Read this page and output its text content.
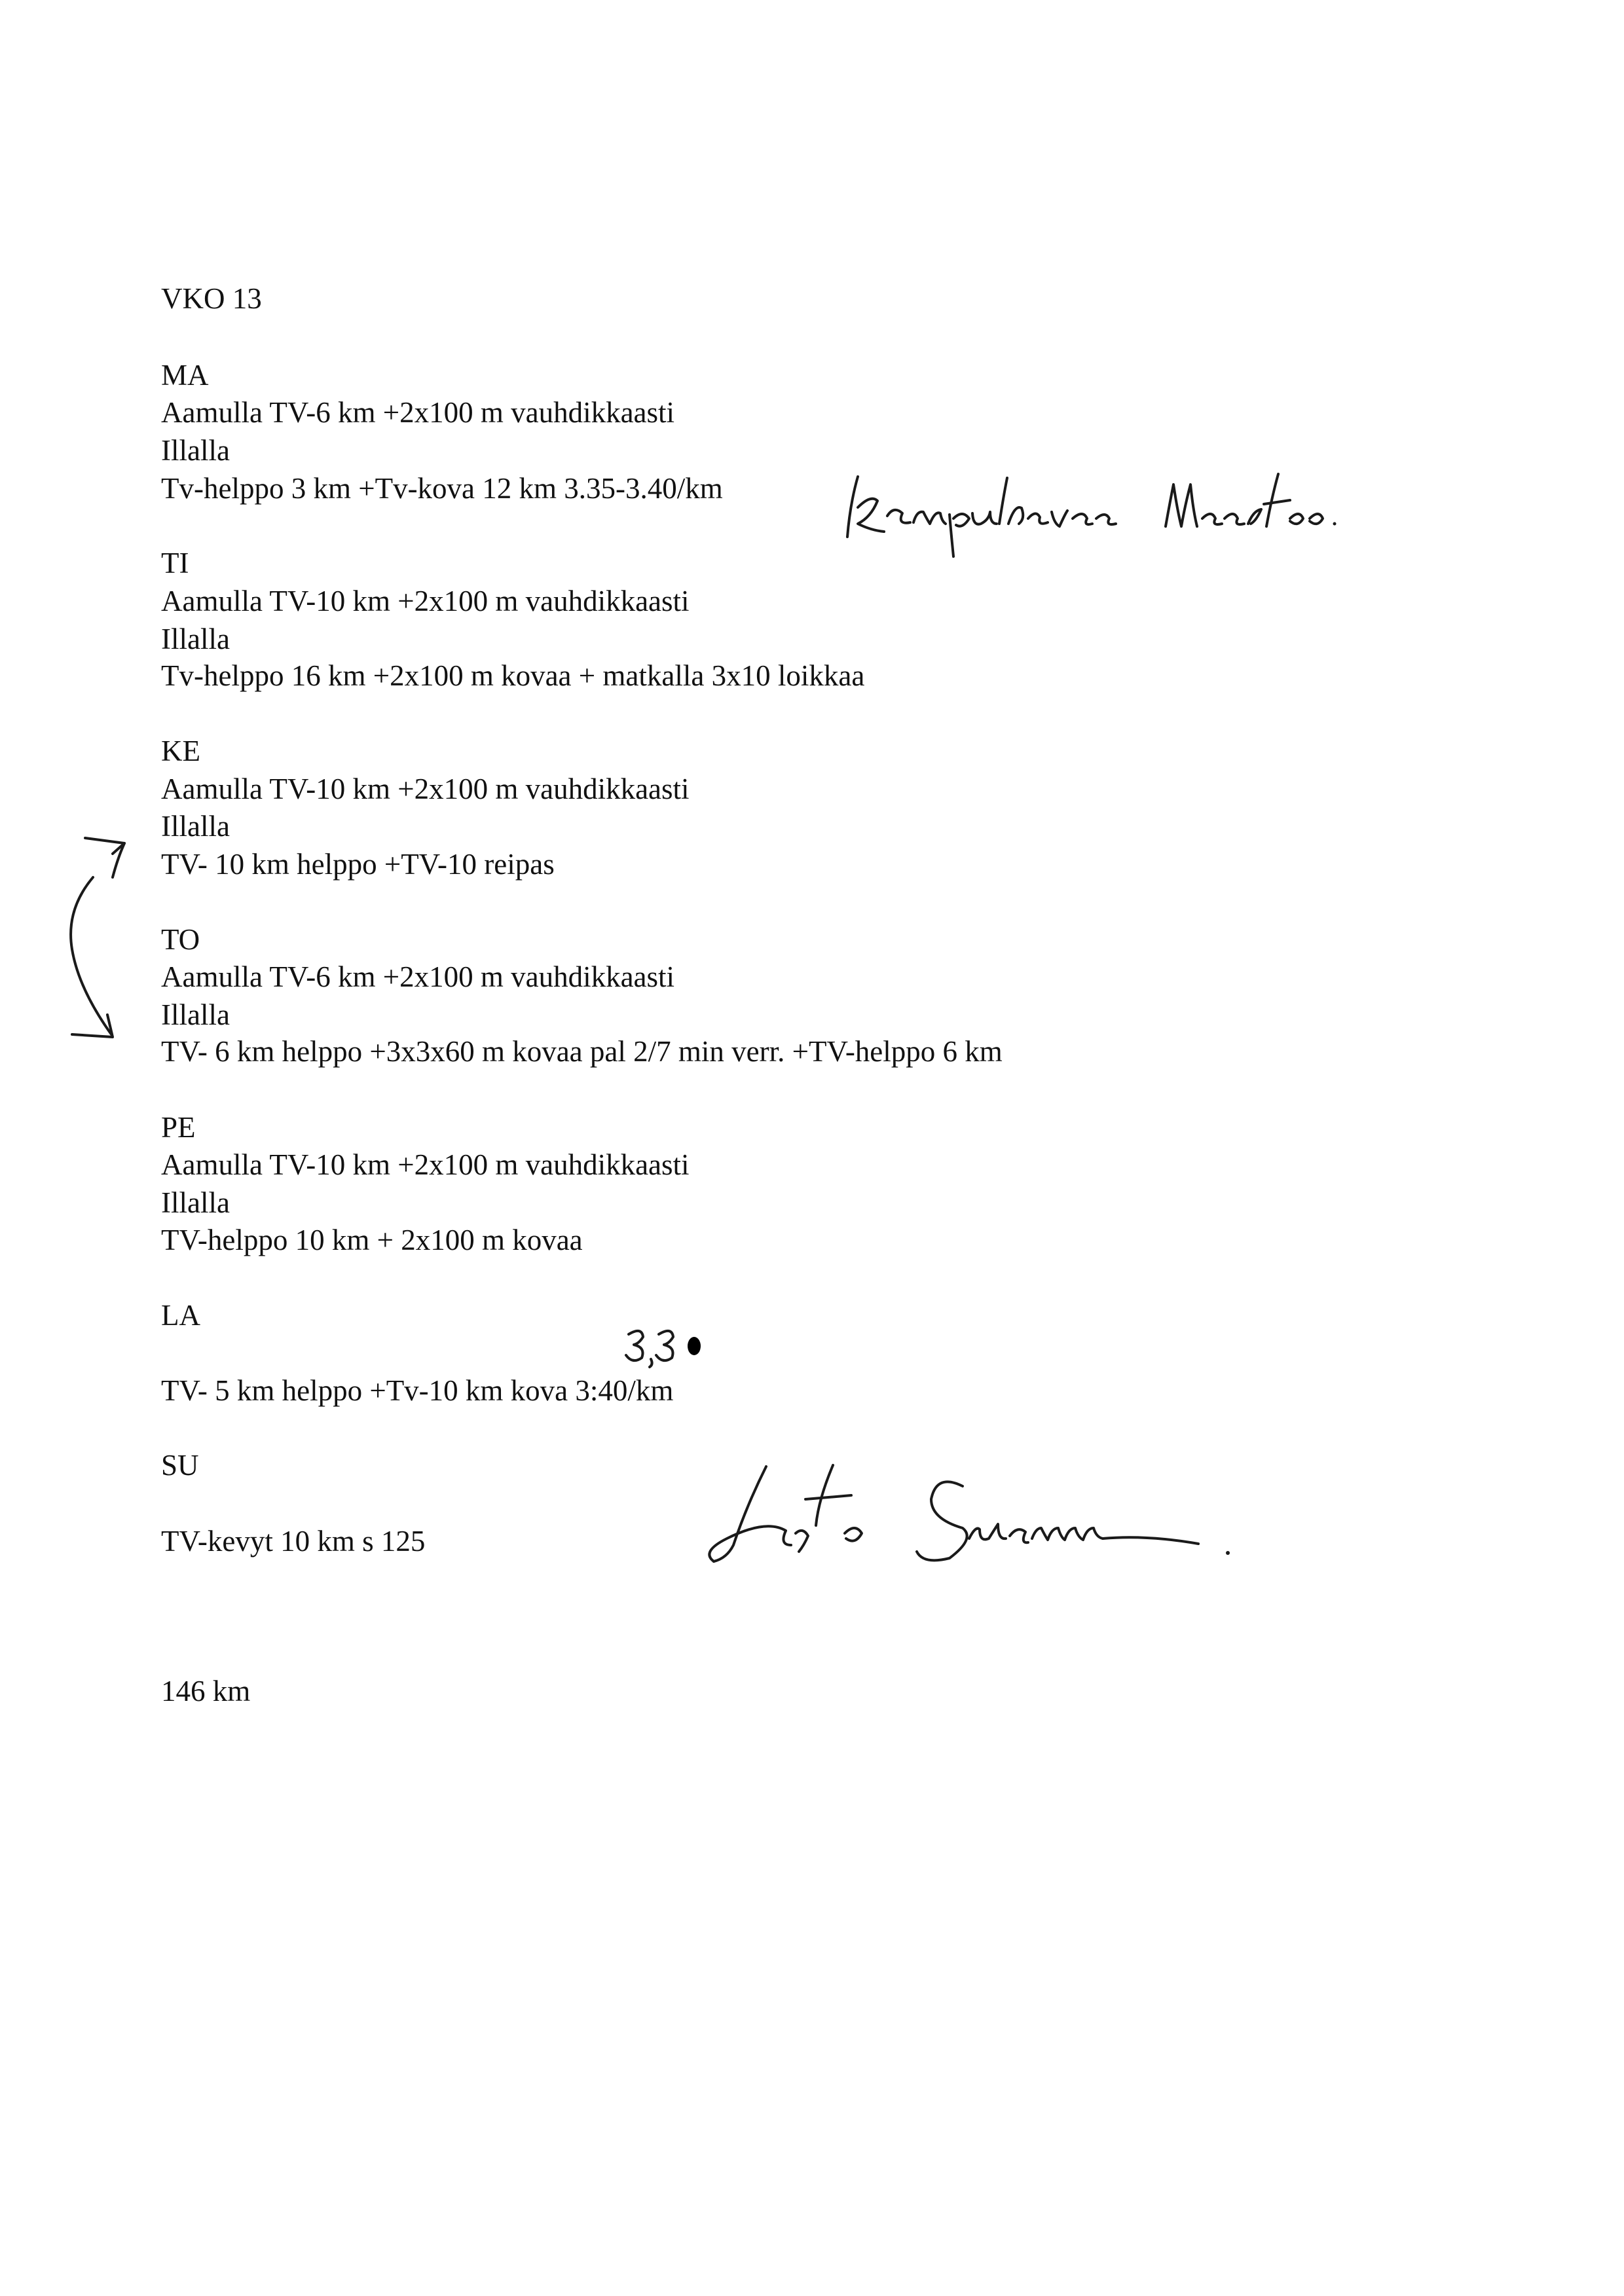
VKO 13
MA
Aamulla TV-6 km +2x100 m vauhdikkaasti
Illalla
Tv-helppo 3 km +Tv-kova 12 km 3.35-3.40/km
TI
Aamulla TV-10 km +2x100 m vauhdikkaasti
Illalla
Tv-helppo 16 km +2x100 m kovaa + matkalla 3x10 loikkaa
KE
Aamulla TV-10 km +2x100 m vauhdikkaasti
Illalla
TV- 10 km helppo +TV-10 reipas
TO
Aamulla TV-6 km +2x100 m vauhdikkaasti
Illalla
TV- 6 km helppo +3x3x60 m kovaa pal 2/7 min verr. +TV-helppo 6 km
PE
Aamulla TV-10 km +2x100 m vauhdikkaasti
Illalla
TV-helppo 10 km + 2x100 m kovaa
LA
TV- 5 km helppo +Tv-10 km kova 3:40/km
SU
TV-kevyt 10 km s 125
146 km
